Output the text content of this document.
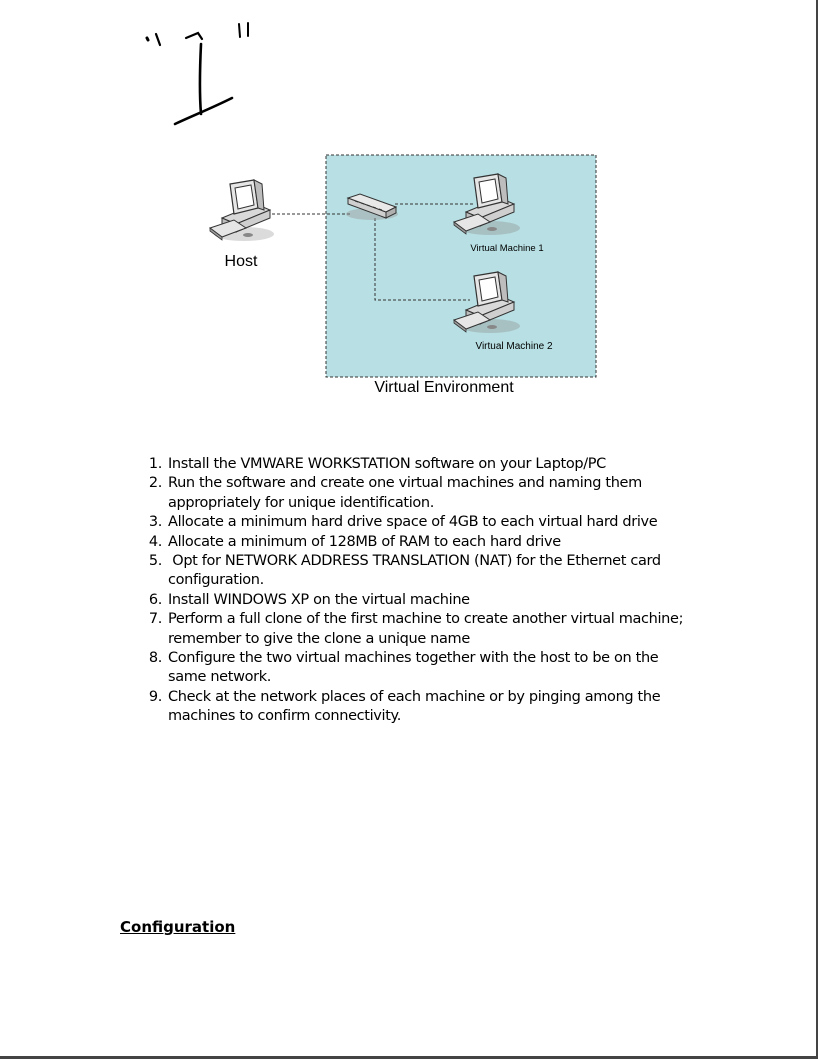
Host
Virtual Machine 1
Virtual Machine 2
Virtual Environment
1. Install the VMWARE WORKSTATION software on your Laptop/PC
2. Run the software and create one virtual machines and naming them
appropriately for unique identification.
3. Allocate a minimum hard drive space of 4GB to each virtual hard drive
4. Allocate a minimum of 128MB of RAM to each hard drive
5. Opt for NETWORK ADDRESS TRANSLATION (NAT) for the Ethernet card
configuration.
6. Install WINDOWS XP on the virtual machine
7. Perform a full clone of the first machine to create another virtual machine;
remember to give the clone a unique name
8. Configure the two virtual machines together with the host to be on the
same network.
9. Check at the network places of each machine or by pinging among the
machines to confirm connectivity.
Configuration
